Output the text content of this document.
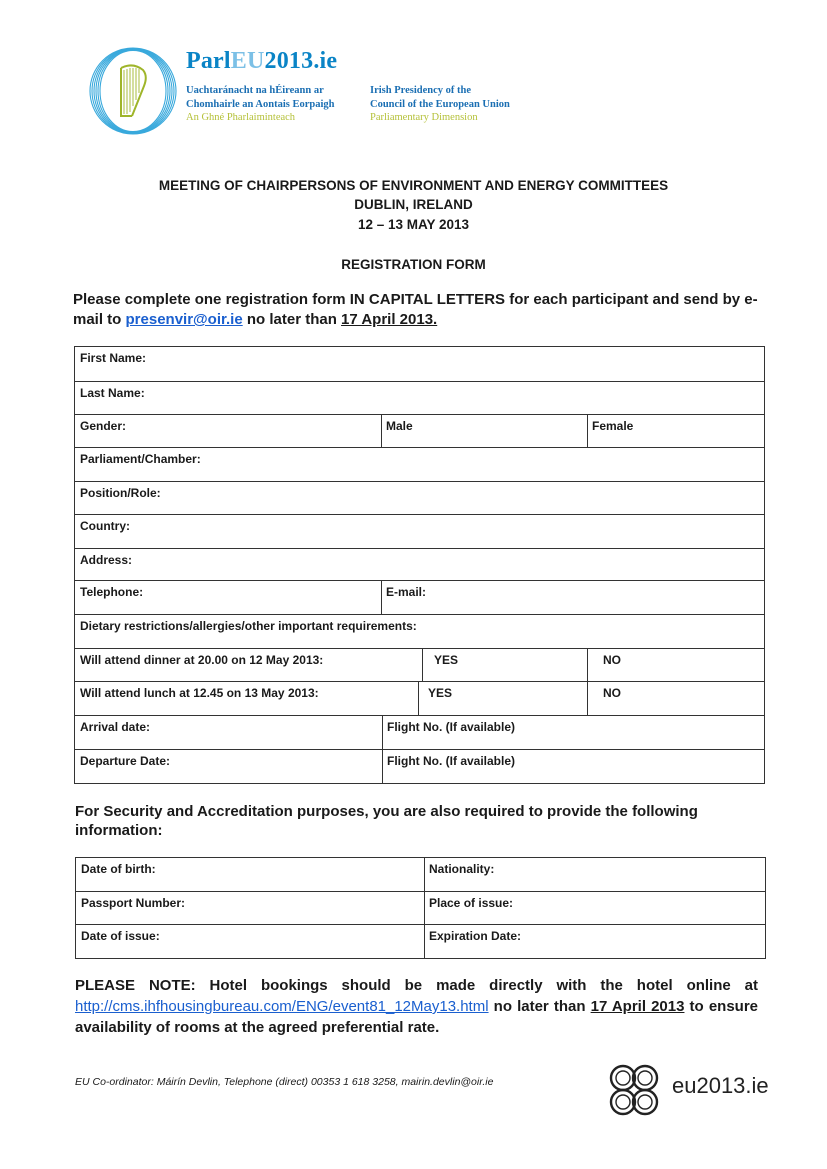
ParlEU2013.ie
Uachtaránacht na hÉireann ar
Chomhairle an Aontais Eorpaigh
An Ghné Pharlaiminteach
Irish Presidency of the
Council of the European Union
Parliamentary Dimension
MEETING OF CHAIRPERSONS OF ENVIRONMENT AND ENERGY COMMITTEES
DUBLIN, IRELAND
12 – 13 MAY 2013
REGISTRATION FORM
Please complete one registration form IN CAPITAL LETTERS for each participant and send by e-mail to presenvir@oir.ie no later than 17 April 2013.
First Name:
Last Name:
Gender:	Male	Female
Parliament/Chamber:
Position/Role:
Country:
Address:
Telephone:	E-mail:
Dietary restrictions/allergies/other important requirements:
Will attend dinner at 20.00 on 12 May 2013:	YES	NO
Will attend lunch at 12.45 on 13 May 2013:	YES	NO
Arrival date:	Flight No. (If available)
Departure Date:	Flight No. (If available)
For Security and Accreditation purposes, you are also required to provide the following information:
Date of birth:	Nationality:
Passport Number:	Place of issue:
Date of issue:	Expiration Date:
PLEASE NOTE: Hotel bookings should be made directly with the hotel online at http://cms.ihfhousingbureau.com/ENG/event81_12May13.html no later than 17 April 2013 to ensure availability of rooms at the agreed preferential rate.
EU Co-ordinator: Máirín Devlin, Telephone (direct) 00353 1 618 3258, mairin.devlin@oir.ie	eu2013.ie
